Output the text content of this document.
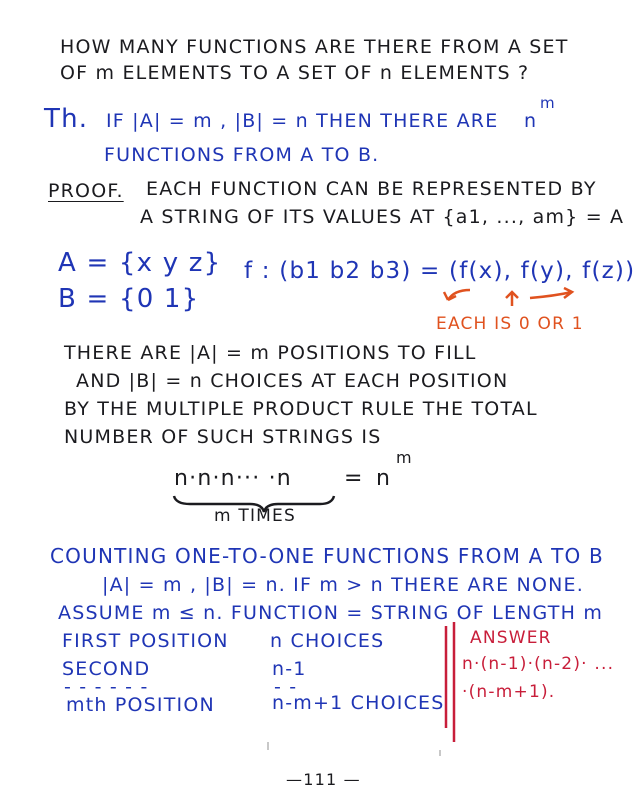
HOW MANY FUNCTIONS ARE THERE FROM A SET
OF m ELEMENTS TO A SET OF n ELEMENTS ?
Th. IF |A| = m , |B| = n THEN THERE ARE n
m
FUNCTIONS FROM A TO B.
PROOF. EACH FUNCTION CAN BE REPRESENTED BY
A STRING OF ITS VALUES AT {a1, ..., am} = A
A = {x y z}
B = {0 1}
f : (b1 b2 b3) = (f(x), f(y), f(z))
EACH IS 0 OR 1
THERE ARE |A| = m POSITIONS TO FILL
AND |B| = n CHOICES AT EACH POSITION
BY THE MULTIPLE PRODUCT RULE THE TOTAL
NUMBER OF SUCH STRINGS IS
n·n·n··· ·n = n
m
m TIMES
COUNTING ONE-TO-ONE FUNCTIONS FROM A TO B
|A| = m , |B| = n. IF m > n THERE ARE NONE.
ASSUME m ≤ n. FUNCTION = STRING OF LENGTH m
FIRST POSITION n CHOICES
SECOND	n-1
- - - - - -	- -
mth POSITION	n-m+1 CHOICES
ANSWER
n·(n-1)·(n-2)· ...
·(n-m+1).
—111 —
